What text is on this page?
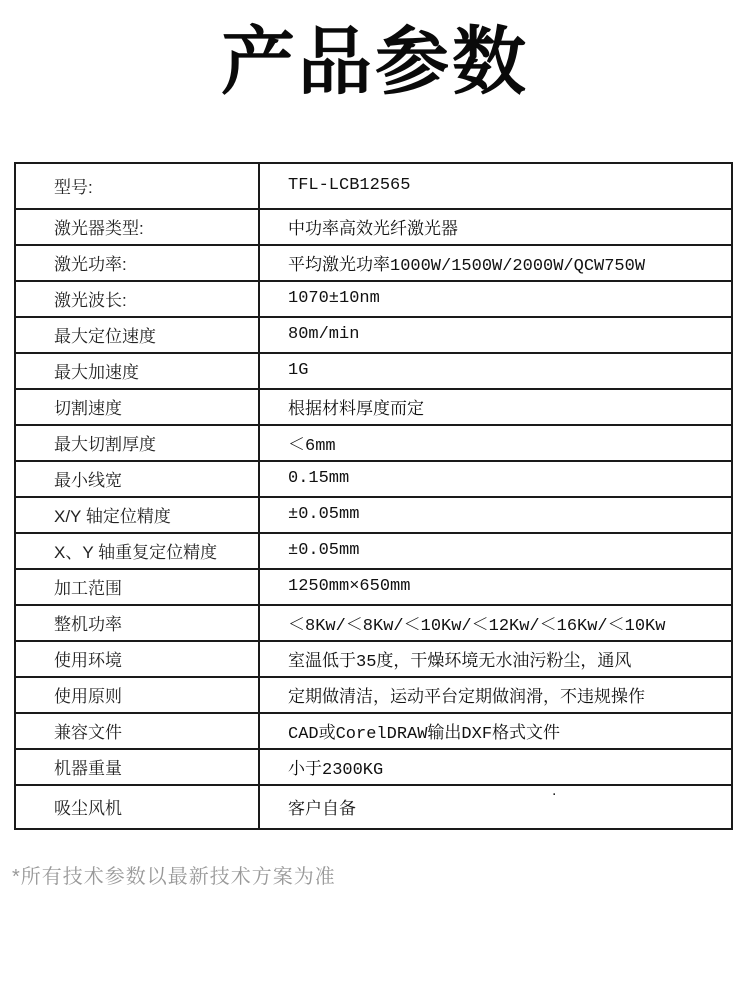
产品参数
型号:	TFL-LCB12565
激光器类型:	中功率高效光纤激光器
激光功率:	平均激光功率1000W/1500W/2000W/QCW750W
激光波长:	1070±10nm
最大定位速度	80m/min
最大加速度	1G
切割速度	根据材料厚度而定
最大切割厚度	＜6mm
最小线宽	0.15mm
X/Y 轴定位精度	±0.05mm
X、Y 轴重复定位精度	±0.05mm
加工范围	1250mm×650mm
整机功率	＜8Kw/＜8Kw/＜10Kw/＜12Kw/＜16Kw/＜10Kw
使用环境	室温低于35度，干燥环境无水油污粉尘，通风
使用原则	定期做清洁，运动平台定期做润滑，不违规操作
兼容文件	CAD或CorelDRAW输出DXF格式文件
机器重量	小于2300KG
吸尘风机	客户自备

*所有技术参数以最新技术方案为准

.
